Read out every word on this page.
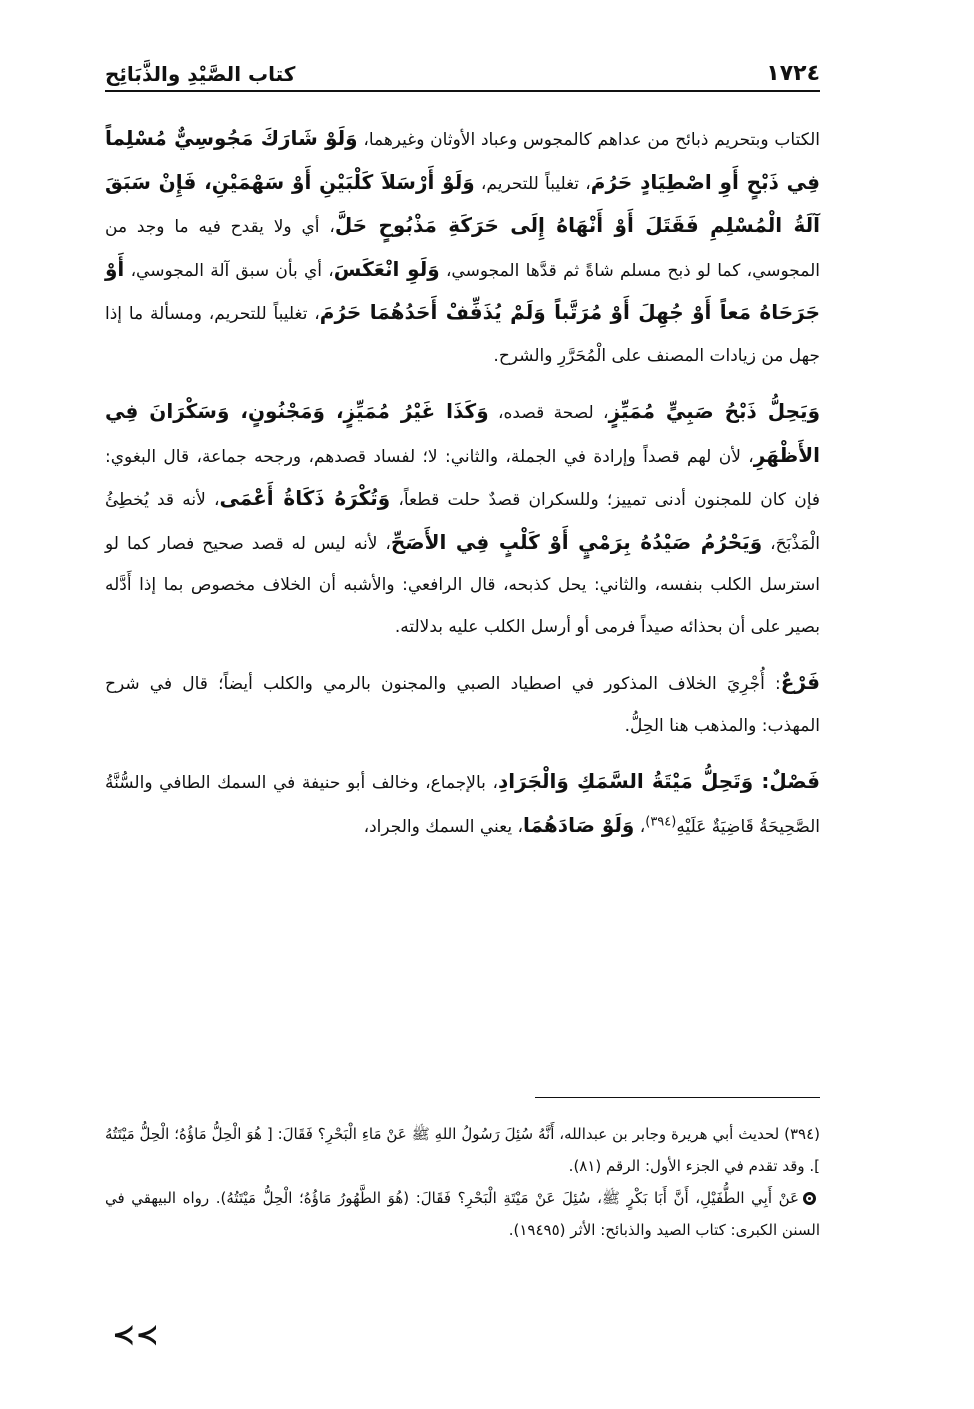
كتاب الصَّيْدِ والذَّبَائِح	١٧٢٤

الكتاب وبتحريم ذبائح من عداهم كالمجوس وعباد الأوثان وغيرهما، وَلَوْ شَارَكَ مَجُوسِيٌّ مُسْلِماً فِي ذَبْحٍ أَوِ اصْطِيَادٍ حَرُمَ، تغليباً للتحريم، وَلَوْ أَرْسَلاَ كَلْبَيْنِ أَوْ سَهْمَيْنِ، فَإِنْ سَبَقَ آلَةُ الْمُسْلِمِ فَقَتَلَ أَوْ أَنْهَاهُ إِلَى حَرَكَةِ مَذْبُوحٍ حَلَّ، أي ولا يقدح فيه ما وجد من المجوسي، كما لو ذبح مسلم شاةً ثم قدَّها المجوسي، وَلَوِ انْعَكَسَ، أي بأن سبق آلة المجوسي، أَوْ جَرَحَاهُ مَعاً أَوْ جُهِلَ أَوْ مُرَتَّباً وَلَمْ يُذَفِّفْ أَحَدُهُمَا حَرُمَ، تغليباً للتحريم، ومسألة ما إذا جهل من زيادات المصنف على الْمُحَرَّرِ والشرح.

وَيَحِلُّ ذَبْحُ صَبِيٍّ مُمَيِّزٍ، لصحة قصده، وَكَذَا غَيْرُ مُمَيِّزٍ، وَمَجْنُونٍ، وَسَكْرَانَ فِي الأَظْهَرِ، لأن لهم قصداً وإرادة في الجملة، والثاني: لا؛ لفساد قصدهم، ورجحه جماعة، قال البغوي: فإن كان للمجنون أدنى تمييز؛ وللسكران قصدٌ حلت قطعاً، وَتُكْرَهُ ذَكَاةُ أَعْمَى، لأنه قد يُخطِئُ الْمَذْبَحَ، وَيَحْرُمُ صَيْدُهُ بِرَمْيٍ أَوْ كَلْبٍ فِي الأَصَحِّ، لأنه ليس له قصد صحيح فصار كما لو استرسل الكلب بنفسه، والثاني: يحل كذبحه، قال الرافعي: والأشبه أن الخلاف مخصوص بما إذا أَدَّله بصير على أن بحذائه صيداً فرمى أو أرسل الكلب عليه بدلالته.

فَرْعٌ: أُجْرِيَ الخلاف المذكور في اصطياد الصبي والمجنون بالرمي والكلب أيضاً؛ قال في شرح المهذب: والمذهب هنا الحِلُّ.

فَصْلٌ: وَتَحِلُّ مَيْتَةُ السَّمَكِ وَالْجَرَادِ، بالإجماع، وخالف أبو حنيفة في السمك الطافي والسُّنَّةُ الصَّحِيحَةُ قَاضِيَةٌ عَلَيْهِ$^{(٣٩٤)}$، وَلَوْ صَادَهُمَا، يعني السمك والجراد،

(٣٩٤) لحديث أبي هريرة وجابر بن عبدالله، أَنَّهُ سُئِلَ رَسُولُ اللهِ ﷺ عَنْ مَاءِ الْبَحْرِ؟ فَقَالَ: [ هُوَ الْحِلُّ مَاؤُهُ؛ الْحِلُّ مَيْتَتُهُ ]. وقد تقدم في الجزء الأول: الرقم (٨١).

عَنْ أَبِي الطُّفَيْلِ، أَنَّ أَبَا بَكْرٍ ﷺ، سُئِلَ عَنْ مَيْتَةِ الْبَحْرِ؟ فَقَالَ: (هُوَ الطَّهُورُ مَاؤُهُ؛ الْحِلُّ مَيْتَتُهُ). رواه البيهقي في السنن الكبرى: كتاب الصيد والذبائح: الأثر (١٩٤٩٥).

≺≺
